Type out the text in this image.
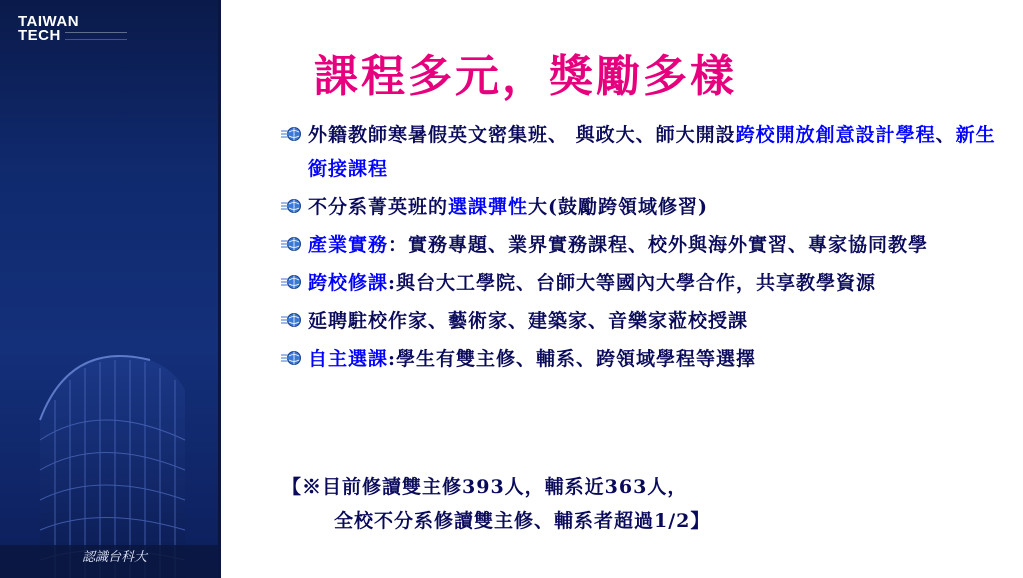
TAIWAN
TECH
認識台科大
課程多元，獎勵多樣
外籍教師寒暑假英文密集班、 與政大、師大開設跨校開放創意設計學程、新生銜接課程
不分系菁英班的選課彈性大(鼓勵跨領域修習)
產業實務：實務專題、業界實務課程、校外與海外實習、專家協同教學
跨校修課:與台大工學院、台師大等國內大學合作，共享教學資源
延聘駐校作家、藝術家、建築家、音樂家蒞校授課
自主選課:學生有雙主修、輔系、跨領域學程等選擇
【※目前修讀雙主修393人，輔系近363人，
全校不分系修讀雙主修、輔系者超過1/2】
